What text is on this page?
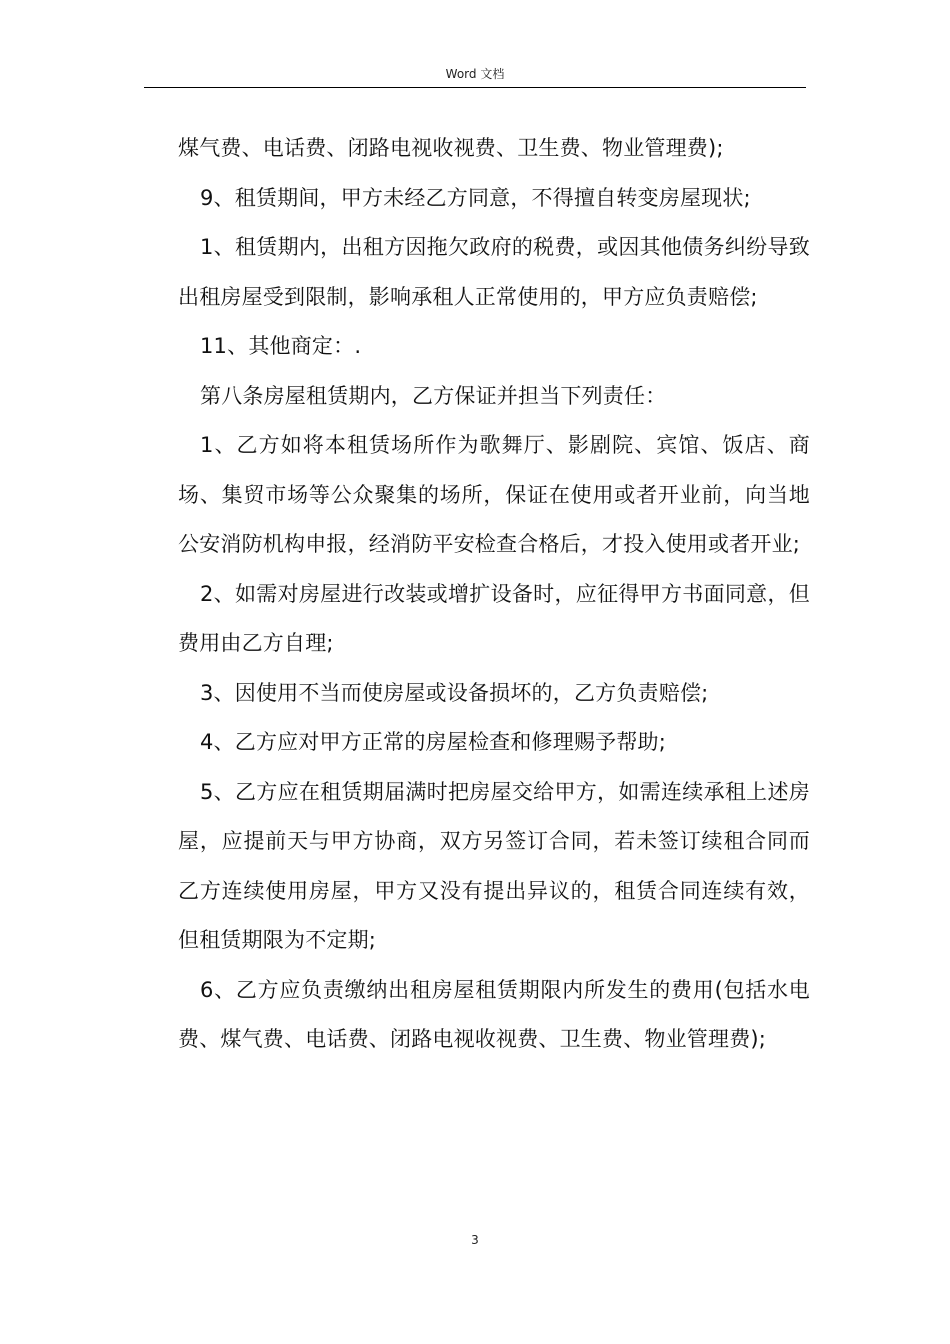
Word 文档

煤气费、电话费、闭路电视收视费、卫生费、物业管理费);

9、租赁期间，甲方未经乙方同意，不得擅自转变房屋现状;

1、租赁期内，出租方因拖欠政府的税费，或因其他债务纠纷导致出租房屋受到限制，影响承租人正常使用的，甲方应负责赔偿;

11、其他商定：.

第八条房屋租赁期内，乙方保证并担当下列责任：

1、乙方如将本租赁场所作为歌舞厅、影剧院、宾馆、饭店、商场、集贸市场等公众聚集的场所，保证在使用或者开业前，向当地公安消防机构申报，经消防平安检查合格后，才投入使用或者开业;

2、如需对房屋进行改装或增扩设备时，应征得甲方书面同意，但费用由乙方自理;

3、因使用不当而使房屋或设备损坏的，乙方负责赔偿;

4、乙方应对甲方正常的房屋检查和修理赐予帮助;

5、乙方应在租赁期届满时把房屋交给甲方，如需连续承租上述房屋，应提前天与甲方协商，双方另签订合同，若未签订续租合同而乙方连续使用房屋，甲方又没有提出异议的，租赁合同连续有效，但租赁期限为不定期;

6、乙方应负责缴纳出租房屋租赁期限内所发生的费用(包括水电费、煤气费、电话费、闭路电视收视费、卫生费、物业管理费);

3
